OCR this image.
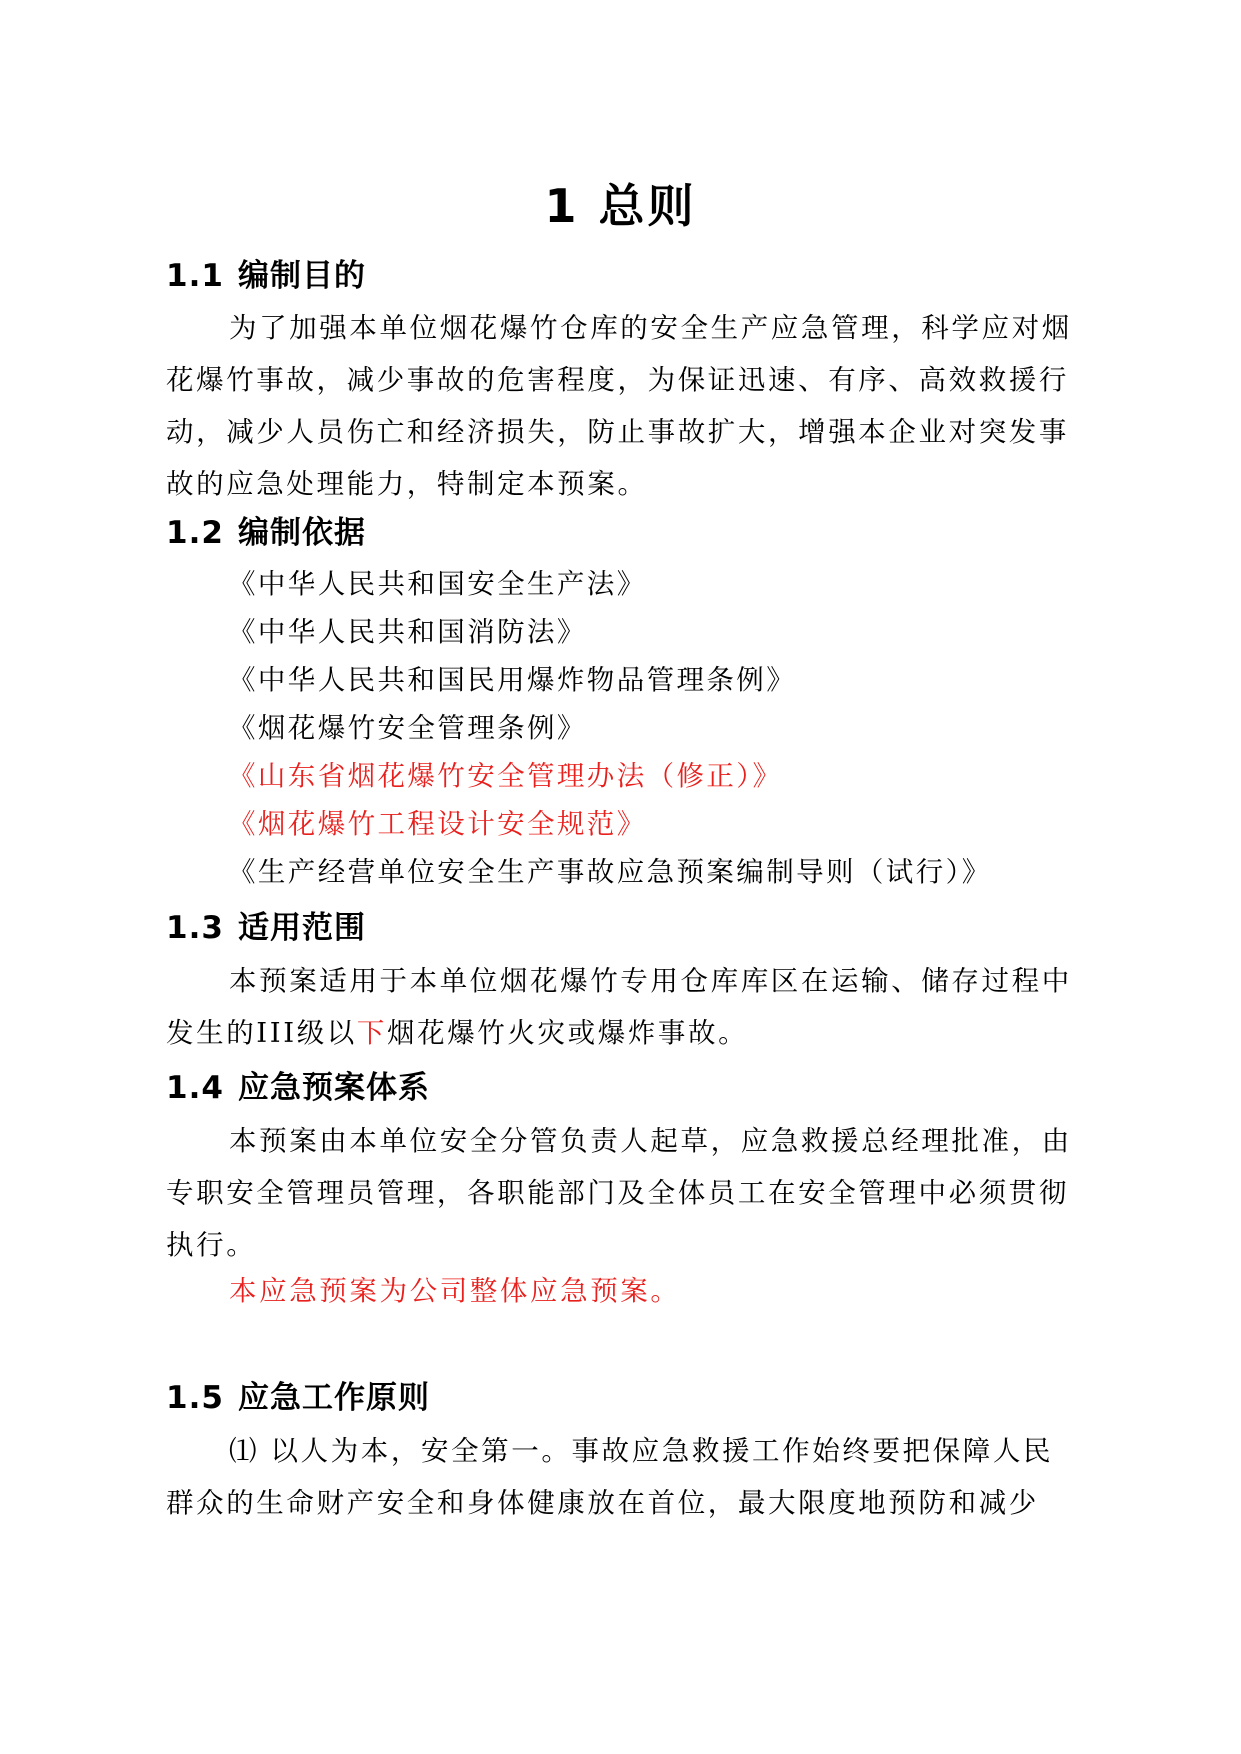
1 总则
1.1 编制目的
为了加强本单位烟花爆竹仓库的安全生产应急管理，科学应对烟花爆竹事故，减少事故的危害程度，为保证迅速、有序、高效救援行动，减少人员伤亡和经济损失，防止事故扩大，增强本企业对突发事故的应急处理能力，特制定本预案。
1.2 编制依据
《中华人民共和国安全生产法》
《中华人民共和国消防法》
《中华人民共和国民用爆炸物品管理条例》
《烟花爆竹安全管理条例》
《山东省烟花爆竹安全管理办法（修正）》
《烟花爆竹工程设计安全规范》
《生产经营单位安全生产事故应急预案编制导则（试行）》
1.3 适用范围
本预案适用于本单位烟花爆竹专用仓库库区在运输、储存过程中发生的III级以下烟花爆竹火灾或爆炸事故。
1.4 应急预案体系
本预案由本单位安全分管负责人起草，应急救援总经理批准，由专职安全管理员管理，各职能部门及全体员工在安全管理中必须贯彻执行。
本应急预案为公司整体应急预案。
1.5 应急工作原则
⑴ 以人为本，安全第一。事故应急救援工作始终要把保障人民群众的生命财产安全和身体健康放在首位，最大限度地预防和减少
